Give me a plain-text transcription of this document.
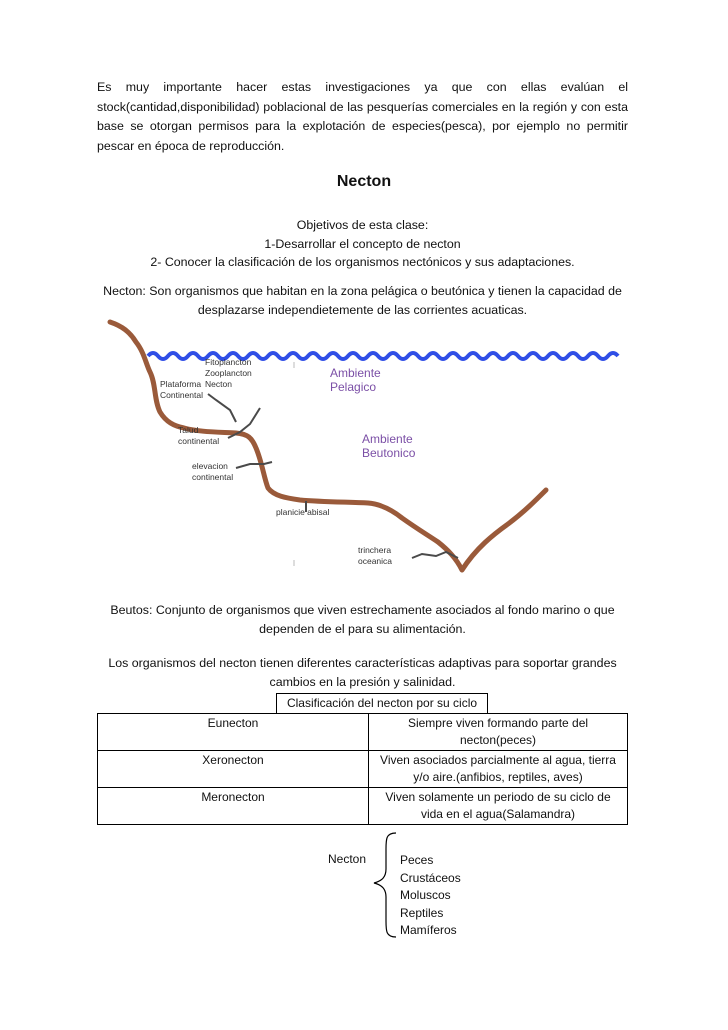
Es muy importante hacer estas investigaciones ya que con ellas evalúan el stock(cantidad,disponibilidad) poblacional de las pesquerías comerciales en la región y con esta base se otorgan permisos para la explotación de especies(pesca), por ejemplo no permitir pescar en época de reproducción.
Necton
Objetivos de esta clase:
1-Desarrollar el concepto de necton
2- Conocer la clasificación de los organismos nectónicos y sus adaptaciones.
Necton: Son organismos que habitan en la zona pelágica o beutónica y tienen la capacidad de desplazarse independietemente de las corrientes acuaticas.
Fitoplancton Zooplancton Necton
Plataforma Continental
Talud continental
elevacion continental
planicie abisal
trinchera oceanica
Ambiente Pelagico
Ambiente Beutonico
Beutos: Conjunto de organismos que viven estrechamente asociados al fondo marino o que dependen de el para su alimentación.
Los organismos del necton tienen diferentes características adaptivas para soportar grandes cambios en la presión y salinidad.
Clasificación del necton por su ciclo
Eunecton	Siempre viven formando parte del necton(peces)
Xeronecton	Viven asociados parcialmente al agua, tierra y/o aire.(anfibios, reptiles, aves)
Meronecton	Viven solamente un periodo de su ciclo de vida en el agua(Salamandra)
Necton	Peces
Crustáceos
Moluscos
Reptiles
Mamíferos
